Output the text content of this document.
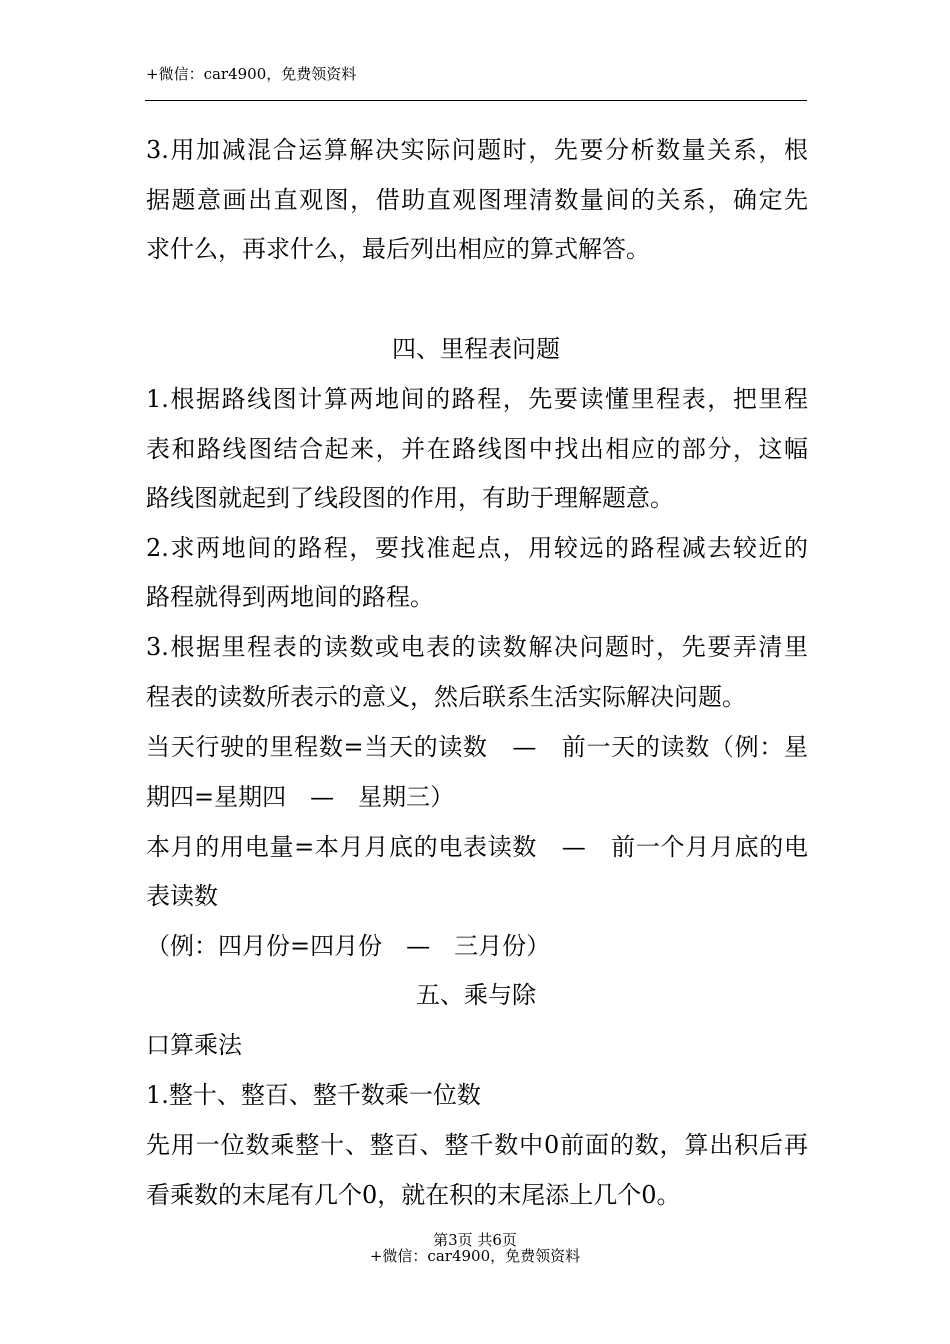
+微信：car4900，免费领资料
3.用加减混合运算解决实际问题时，先要分析数量关系，根
据题意画出直观图，借助直观图理清数量间的关系，确定先
求什么，再求什么，最后列出相应的算式解答。
四、里程表问题
1.根据路线图计算两地间的路程，先要读懂里程表，把里程
表和路线图结合起来，并在路线图中找出相应的部分，这幅
路线图就起到了线段图的作用，有助于理解题意。
2.求两地间的路程，要找准起点，用较远的路程减去较近的
路程就得到两地间的路程。
3.根据里程表的读数或电表的读数解决问题时，先要弄清里
程表的读数所表示的意义，然后联系生活实际解决问题。
当天行驶的里程数=当天的读数　—　前一天的读数（例：星
期四=星期四　—　星期三）
本月的用电量=本月月底的电表读数　—　前一个月月底的电
表读数
（例：四月份=四月份　—　三月份）
五、乘与除
口算乘法
1.整十、整百、整千数乘一位数
先用一位数乘整十、整百、整千数中0前面的数，算出积后再
看乘数的末尾有几个0，就在积的末尾添上几个0。
第3页 共6页
+微信：car4900，免费领资料
